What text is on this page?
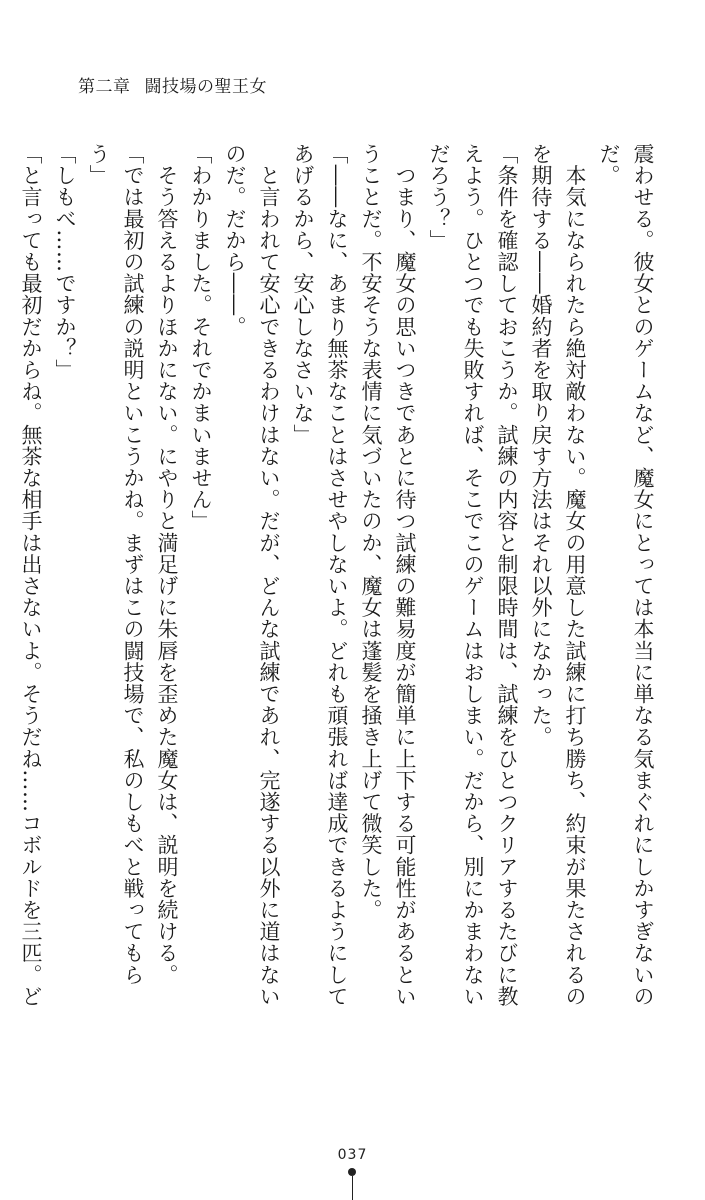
第二章 闘技場の聖王女

震わせる。彼女とのゲームなど、魔女にとっては本当に単なる気まぐれにしかすぎないの

だ。

　本気になられたら絶対敵わない。魔女の用意した試練に打ち勝ち、約束が果たされるの

を期待する――婚約者を取り戻す方法はそれ以外になかった。

「条件を確認しておこうか。試練の内容と制限時間は、試練をひとつクリアするたびに教

えよう。ひとつでも失敗すれば、そこでこのゲームはおしまい。だから、別にかまわない

だろう？」

　つまり、魔女の思いつきであとに待つ試練の難易度が簡単に上下する可能性があるとい

うことだ。不安そうな表情に気づいたのか、魔女は蓬髪を掻き上げて微笑した。

「――なに、あまり無茶なことはさせやしないよ。どれも頑張れば達成できるようにして

あげるから、安心しなさいな」

　と言われて安心できるわけはない。だが、どんな試練であれ、完遂する以外に道はない

のだ。だから――。

「わかりました。それでかまいません」

　そう答えるよりほかにない。にやりと満足げに朱唇を歪めた魔女は、説明を続ける。

「では最初の試練の説明といこうかね。まずはこの闘技場で、私のしもべと戦ってもらう」

「しもべ……ですか？」

「と言っても最初だからね。無茶な相手は出さないよ。そうだね……コボルドを三匹。ど

037
